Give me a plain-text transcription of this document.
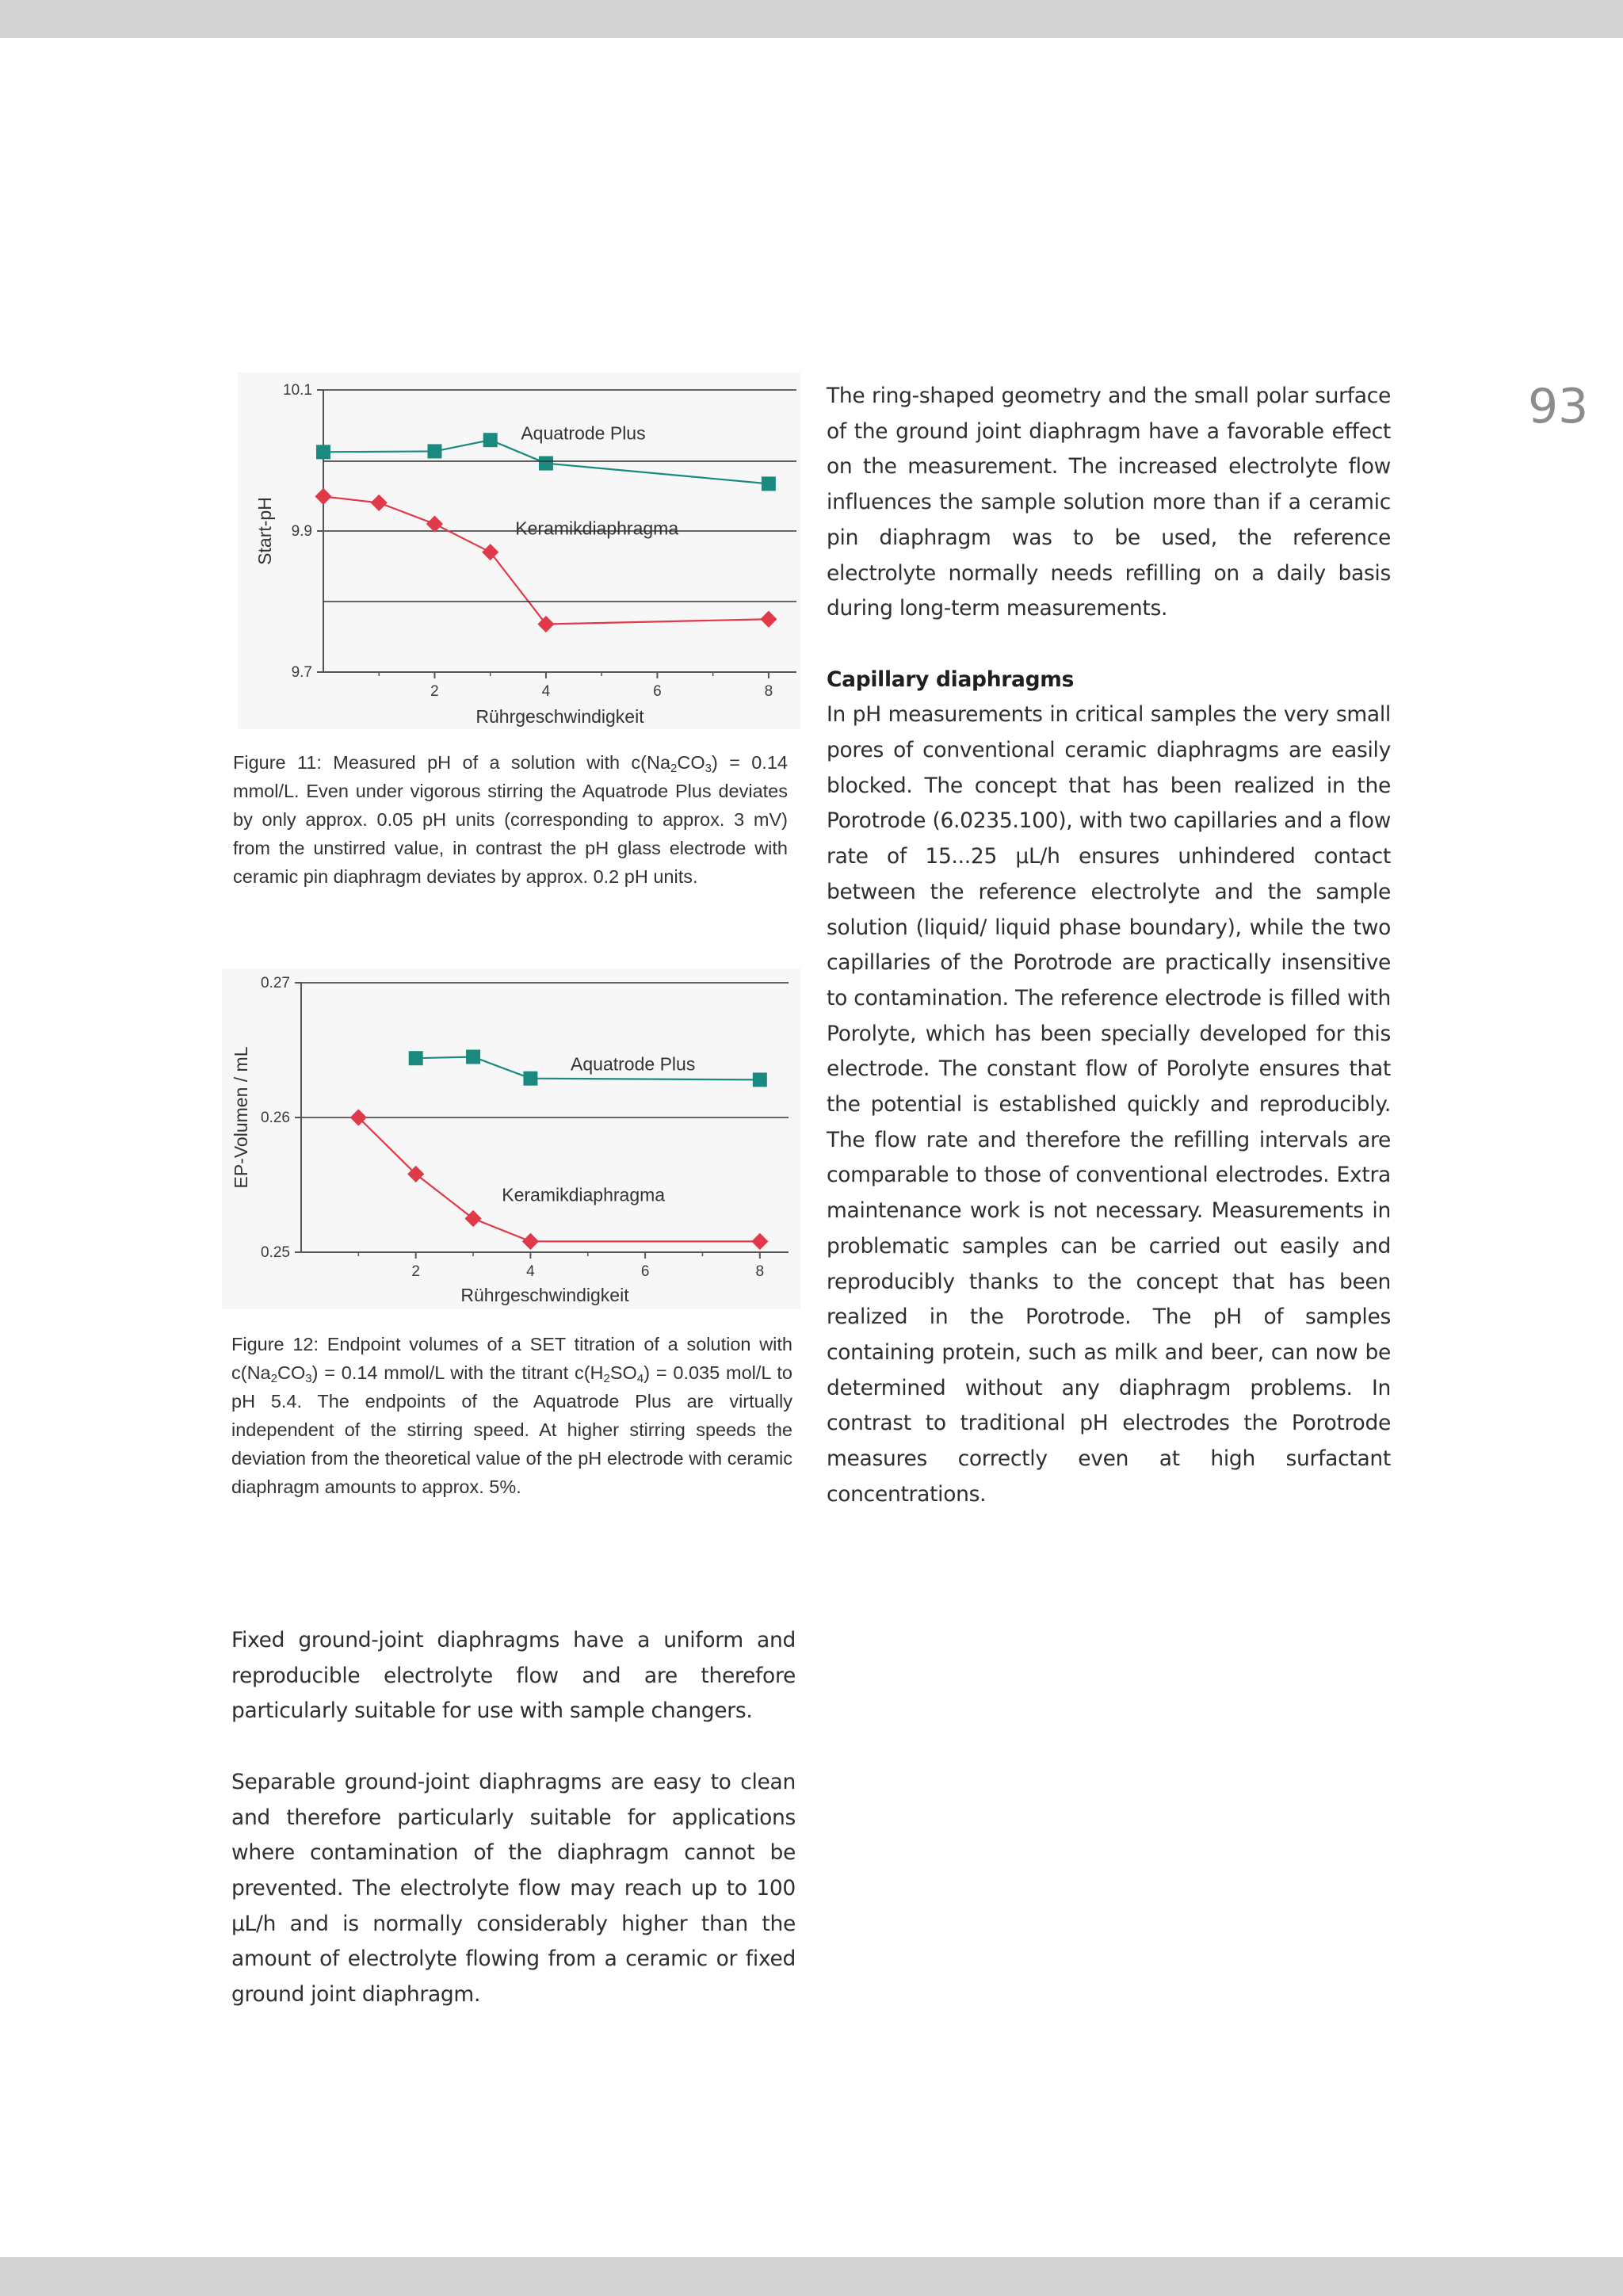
93
10.1
9.9
9.7
2	4	6	8
Rührgeschwindigkeit
Start-pH
Aquatrode Plus
Keramikdiaphragma
Figure 11: Measured pH of a solution with $c(Na_2CO_3) = 0.14$ mmol/L. Even under vigorous stirring the Aquatrode Plus deviates by only approx. 0.05 pH units (corresponding to approx. 3 mV) from the unstirred value, in contrast the pH glass electrode with ceramic pin diaphragm deviates by approx. 0.2 pH units.
0.27
0.26
0.25
2	4	6	8
Rührgeschwindigkeit
EP-Volumen / mL	Aquatrode Plus
Keramikdiaphragma
Figure 12: Endpoint volumes of a SET titration of a solution with $c(Na_2CO_3) = 0.14$ mmol/L with the titrant $c(H_2SO_4) = 0.035$ mol/L to pH 5.4. The endpoints of the Aquatrode Plus are virtually independent of the stirring speed. At higher stirring speeds the deviation from the theoretical value of the pH electrode with ceramic diaphragm amounts to approx. 5%.

Fixed ground-joint diaphragms have a uniform and reproducible electrolyte flow and are therefore particularly suitable for use with sample changers.

Separable ground-joint diaphragms are easy to clean and therefore particularly suitable for applications where contamination of the diaphragm cannot be prevented. The electrolyte flow may reach up to 100 µL/h and is normally considerably higher than the amount of electrolyte flowing from a ceramic or fixed ground joint diaphragm.

The ring-shaped geometry and the small polar surface of the ground joint diaphragm have a favorable effect on the measurement. The increased electrolyte flow influences the sample solution more than if a ceramic pin diaphragm was to be used, the reference electrolyte normally needs refilling on a daily basis during long-term measurements.

Capillary diaphragms

In pH measurements in critical samples the very small pores of conventional ceramic diaphragms are easily blocked. The concept that has been realized in the Porotrode (6.0235.100), with two capillaries and a flow rate of 15...25 µL/h ensures unhindered contact between the reference electrolyte and the sample solution (liquid/ liquid phase boundary), while the two capillaries of the Porotrode are practically insensitive to contamination. The reference electrode is filled with Porolyte, which has been specially developed for this electrode. The constant flow of Porolyte ensures that the potential is established quickly and reproducibly. The flow rate and therefore the refilling intervals are comparable to those of conventional electrodes. Extra maintenance work is not necessary. Measurements in problematic samples can be carried out easily and reproducibly thanks to the concept that has been realized in the Porotrode. The pH of samples containing protein, such as milk and beer, can now be determined without any diaphragm problems. In contrast to traditional pH electrodes the Porotrode measures correctly even at high surfactant concentrations.
